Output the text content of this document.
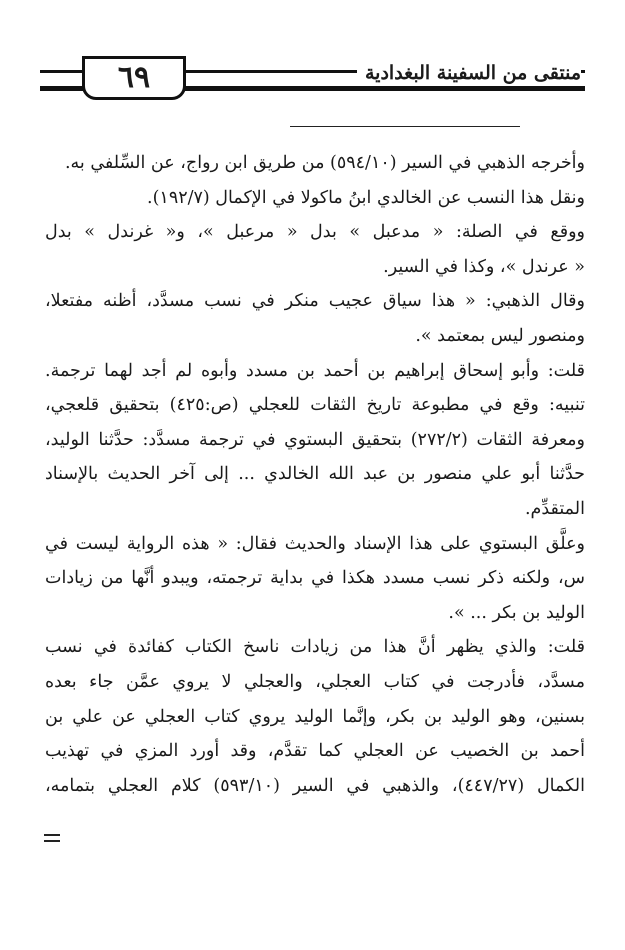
٦٩	منتقى من السفينة البغدادية
وأخرجه الذهبي في السير (٥٩٤/١٠) من طريق ابن رواج، عن السِّلفي به.
ونقل هذا النسب عن الخالدي ابنُ ماكولا في الإكمال (١٩٢/٧).
ووقع في الصلة: « مدعبل » بدل « مرعبل »، و« غرندل » بدل
« عرندل »، وكذا في السير.
وقال الذهبي: « هذا سياق عجيب منكر في نسب مسدَّد، أظنه مفتعلا،
ومنصور ليس بمعتمد ».
قلت: وأبو إسحاق إبراهيم بن أحمد بن مسدد وأبوه لم أجد لهما ترجمة.
تنبيه: وقع في مطبوعة تاريخ الثقات للعجلي (ص:٤٢٥) بتحقيق قلعجي،
ومعرفة الثقات (٢٧٢/٢) بتحقيق البستوي في ترجمة مسدَّد: حدَّثنا الوليد،
حدَّثنا أبو علي منصور بن عبد الله الخالدي ... إلى آخر الحديث بالإسناد
المتقدِّم.
وعلَّق البستوي على هذا الإسناد والحديث فقال: « هذه الرواية ليست في
س، ولكنه ذكر نسب مسدد هكذا في بداية ترجمته، ويبدو أنَّها من زيادات
الوليد بن بكر ... ».
قلت: والذي يظهر أنَّ هذا من زيادات ناسخ الكتاب كفائدة في نسب
مسدَّد، فأدرجت في كتاب العجلي، والعجلي لا يروي عمَّن جاء بعده
بسنين، وهو الوليد بن بكر، وإنَّما الوليد يروي كتاب العجلي عن علي بن
أحمد بن الخصيب عن العجلي كما تقدَّم، وقد أورد المزي في تهذيب
الكمال (٤٤٧/٢٧)، والذهبي في السير (٥٩٣/١٠) كلام العجلي بتمامه،
